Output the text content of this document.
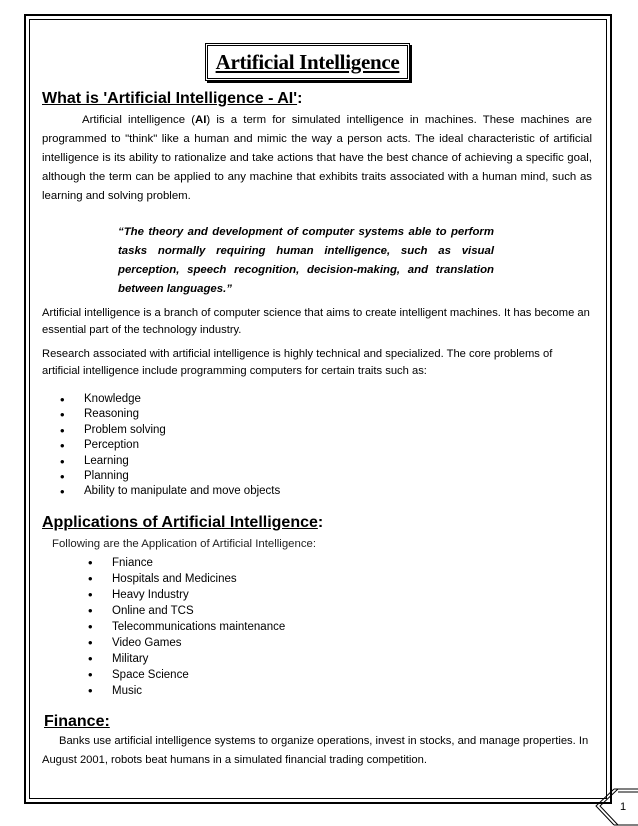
Artificial Intelligence
What is 'Artificial Intelligence - AI':

Artificial intelligence (AI) is a term for simulated intelligence in machines. These machines are programmed to "think" like a human and mimic the way a person acts. The ideal characteristic of artificial intelligence is its ability to rationalize and take actions that have the best chance of achieving a specific goal, although the term can be applied to any machine that exhibits traits associated with a human mind, such as learning and solving problem.

“The theory and development of computer systems able to perform tasks normally requiring human intelligence, such as visual perception, speech recognition, decision-making, and translation between languages.”

Artificial intelligence is a branch of computer science that aims to create intelligent machines. It has become an essential part of the technology industry.

Research associated with artificial intelligence is highly technical and specialized. The core problems of artificial intelligence include programming computers for certain traits such as:

• Knowledge
• Reasoning
• Problem solving
• Perception
• Learning
• Planning
• Ability to manipulate and move objects
Applications of Artificial Intelligence:

Following are the Application of Artificial Intelligence:

• Fniance
• Hospitals and Medicines
• Heavy Industry
• Online and TCS
• Telecommunications maintenance
• Video Games
• Military
• Space Science
• Music
Finance:

Banks use artificial intelligence systems to organize operations, invest in stocks, and manage properties. In August 2001, robots beat humans in a simulated financial trading competition.

1
